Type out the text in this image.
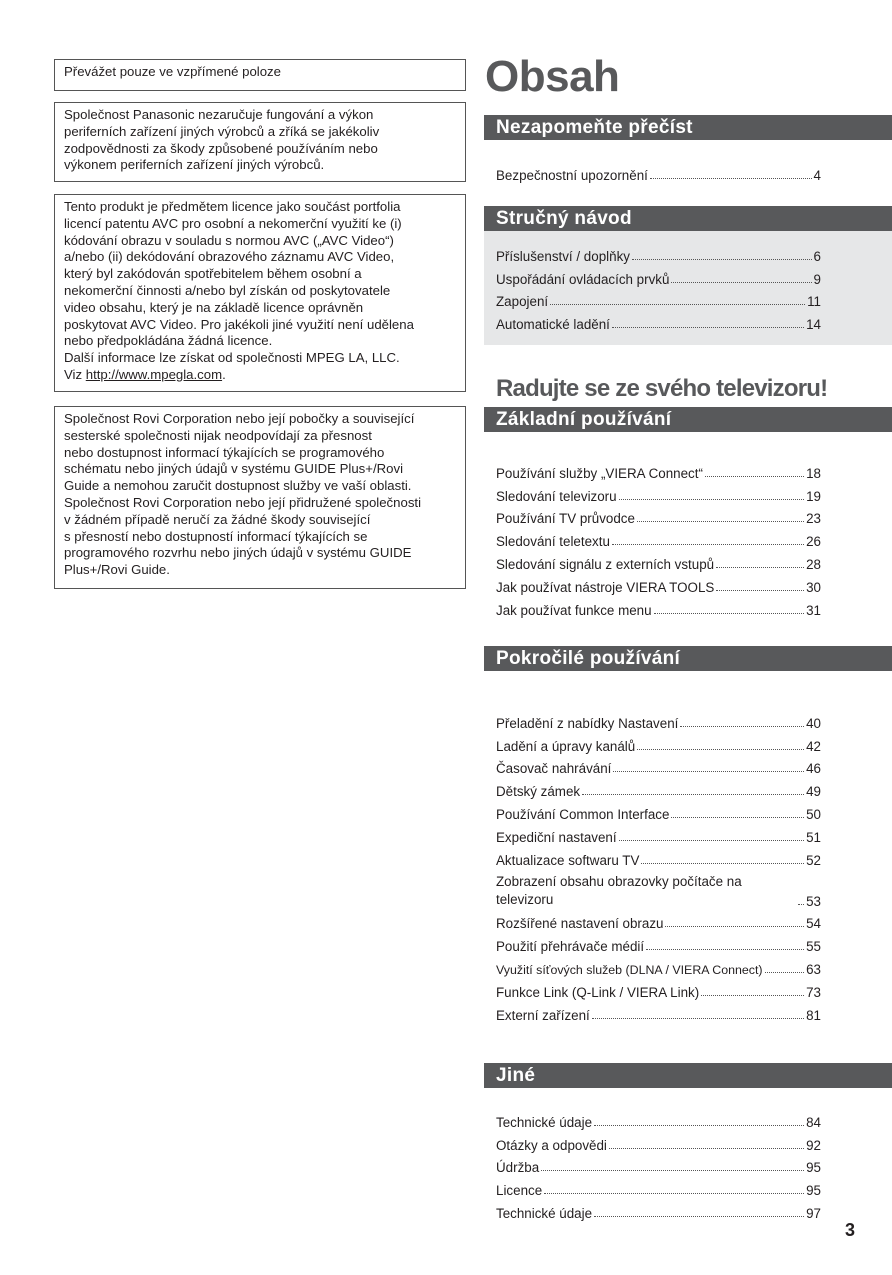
Převážet pouze ve vzpřímené poloze
Společnost Panasonic nezaručuje fungování a výkon
periferních zařízení jiných výrobců a zříká se jakékoliv
zodpovědnosti za škody způsobené používáním nebo
výkonem periferních zařízení jiných výrobců.
Tento produkt je předmětem licence jako součást portfolia
licencí patentu AVC pro osobní a nekomerční využití ke (i)
kódování obrazu v souladu s normou AVC („AVC Video“)
a/nebo (ii) dekódování obrazového záznamu AVC Video,
který byl zakódován spotřebitelem během osobní a
nekomerční činnosti a/nebo byl získán od poskytovatele
video obsahu, který je na základě licence oprávněn
poskytovat AVC Video. Pro jakékoli jiné využití není udělena
nebo předpokládána žádná licence.
Další informace lze získat od společnosti MPEG LA, LLC.
Viz http://www.mpegla.com.
Společnost Rovi Corporation nebo její pobočky a související
sesterské společnosti nijak neodpovídají za přesnost
nebo dostupnost informací týkajících se programového
schématu nebo jiných údajů v systému GUIDE Plus+/Rovi
Guide a nemohou zaručit dostupnost služby ve vaší oblasti.
Společnost Rovi Corporation nebo její přidružené společnosti
v žádném případě neručí za žádné škody související
s přesností nebo dostupností informací týkajících se
programového rozvrhu nebo jiných údajů v systému GUIDE
Plus+/Rovi Guide.
Obsah
Radujte se ze svého televizoru!
Nezapomeňte přečíst
Bezpečnostní upozornění	4
Stručný návod
Příslušenství / doplňky	6
Uspořádání ovládacích prvků	9
Zapojení	11
Automatické ladění	14
Základní používání
Používání služby „VIERA Connect“	18
Sledování televizoru	19
Používání TV průvodce	23
Sledování teletextu	26
Sledování signálu z externích vstupů	28
Jak používat nástroje VIERA TOOLS	30
Jak používat funkce menu	31
Pokročilé používání
Přeladění z nabídky Nastavení	40
Ladění a úpravy kanálů	42
Časovač nahrávání	46
Dětský zámek	49
Používání Common Interface	50
Expediční nastavení	51
Aktualizace softwaru TV	52
Zobrazení obsahu obrazovky počítače na televizoru	53
Rozšířené nastavení obrazu	54
Použití přehrávače médií	55
Využití síťových služeb (DLNA / VIERA Connect)	63
Funkce Link (Q-Link / VIERA Link)	73
Externí zařízení	81
Jiné
Technické údaje	84
Otázky a odpovědi	92
Údržba	95
Licence	95
Technické údaje	97
3
